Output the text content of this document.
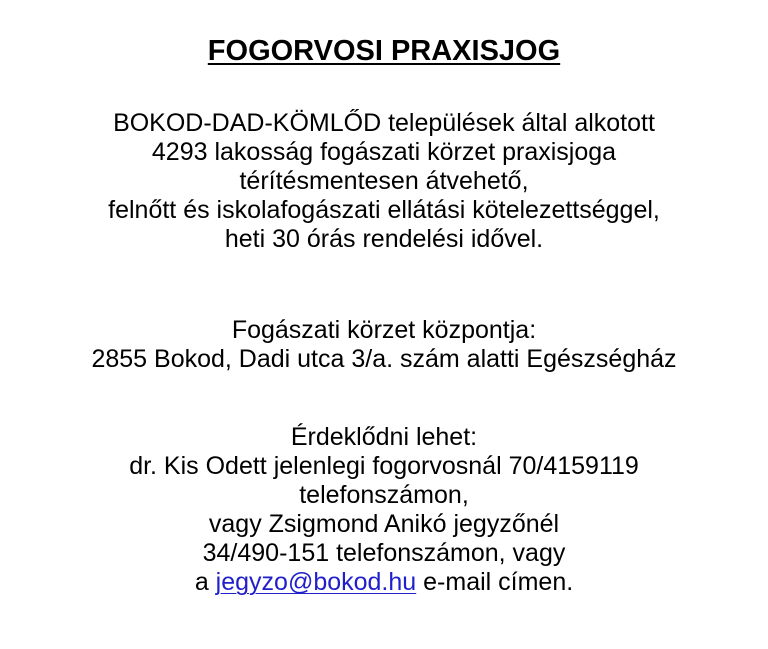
FOGORVOSI PRAXISJOG

BOKOD-DAD-KÖMLŐD települések által alkotott
4293 lakosság fogászati körzet praxisjoga
térítésmentesen átvehető,
felnőtt és iskolafogászati ellátási kötelezettséggel,
heti 30 órás rendelési idővel.

Fogászati körzet központja:
2855 Bokod, Dadi utca 3/a. szám alatti Egészségház

Érdeklődni lehet:
dr. Kis Odett jelenlegi fogorvosnál 70/4159119
telefonszámon,
vagy Zsigmond Anikó jegyzőnél
34/490-151 telefonszámon, vagy
a jegyzo@bokod.hu e-mail címen.
